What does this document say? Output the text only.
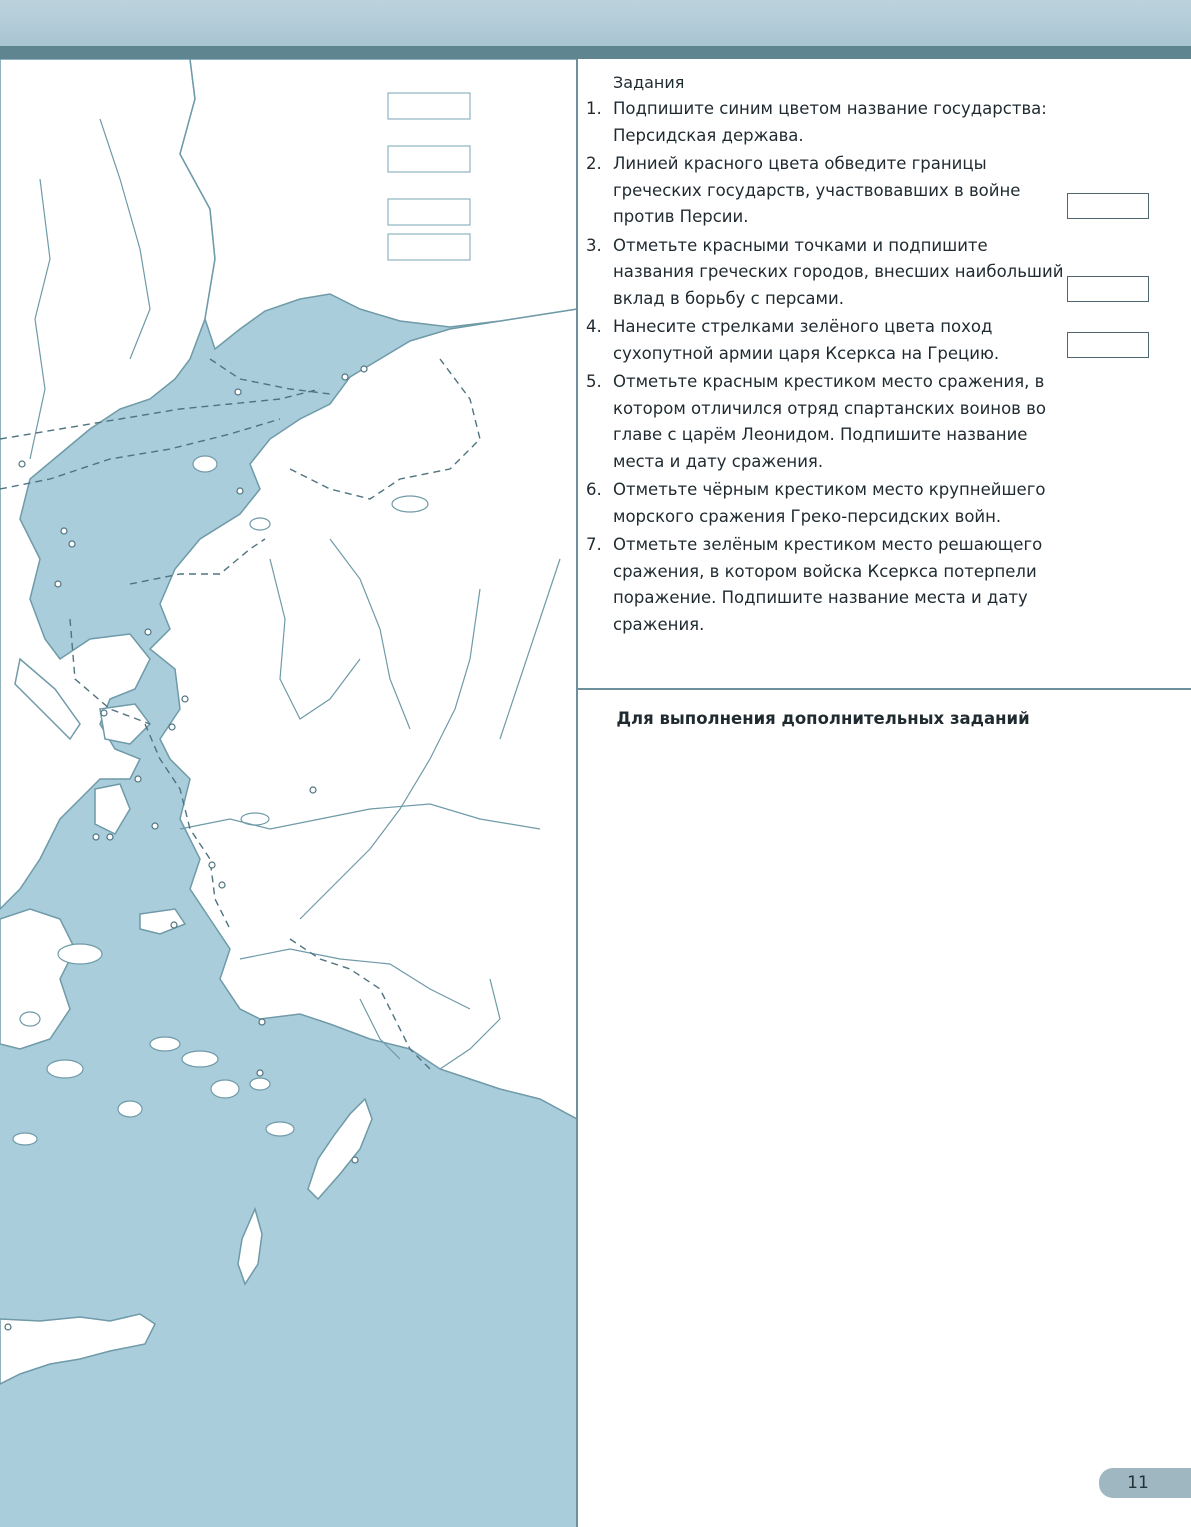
Задания
1. Подпишите синим цветом название государства: Персидская держава.
2. Линией красного цвета обведите границы греческих государств, участвовавших в войне против Персии.
3. Отметьте красными точками и подпишите названия греческих городов, внесших наибольший вклад в борьбу с персами.
4. Нанесите стрелками зелёного цвета поход сухопутной армии царя Ксеркса на Грецию.
5. Отметьте красным крестиком место сражения, в котором отличился отряд спартанских воинов во главе с царём Леонидом. Подпишите название места и дату сражения.
6. Отметьте чёрным крестиком место крупнейшего морского сражения Греко-персидских войн.
7. Отметьте зелёным крестиком место решающего сражения, в котором войска Ксеркса потерпели поражение. Подпишите название места и дату сражения.
Для выполнения дополнительных заданий
11
